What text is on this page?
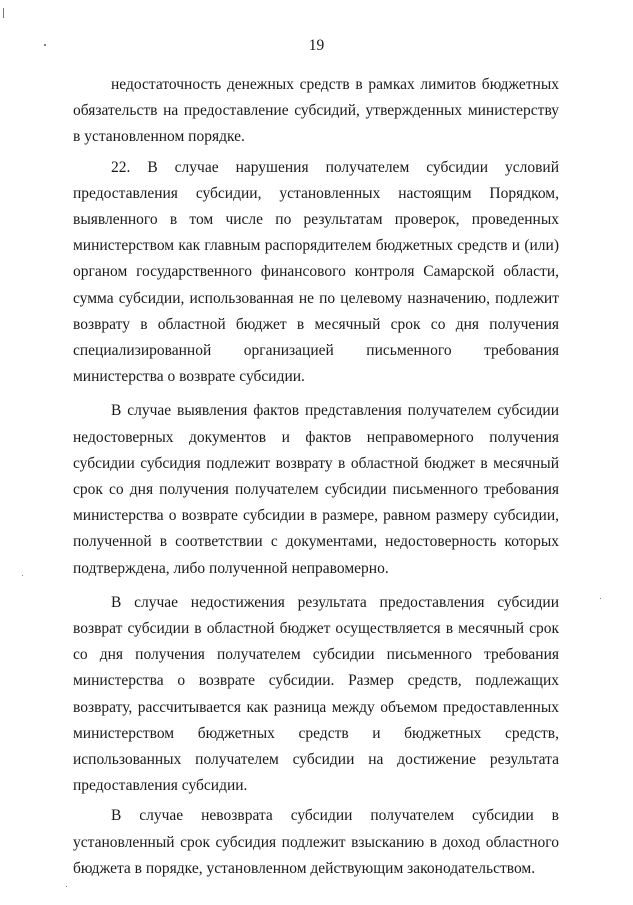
19

недостаточность денежных средств в рамках лимитов бюджетных обязательств на предоставление субсидий, утвержденных министерству в установленном порядке.

22. В случае нарушения получателем субсидии условий предоставления субсидии, установленных настоящим Порядком, выявленного в том числе по результатам проверок, проведенных министерством как главным распорядителем бюджетных средств и (или) органом государственного финансового контроля Самарской области, сумма субсидии, использованная не по целевому назначению, подлежит возврату в областной бюджет в месячный срок со дня получения специализированной организацией письменного требования министерства о возврате субсидии.

В случае выявления фактов представления получателем субсидии недостоверных документов и фактов неправомерного получения субсидии субсидия подлежит возврату в областной бюджет в месячный срок со дня получения получателем субсидии письменного требования министерства о возврате субсидии в размере, равном размеру субсидии, полученной в соответствии с документами, недостоверность которых подтверждена, либо полученной неправомерно.

В случае недостижения результата предоставления субсидии возврат субсидии в областной бюджет осуществляется в месячный срок со дня получения получателем субсидии письменного требования министерства о возврате субсидии. Размер средств, подлежащих возврату, рассчитывается как разница между объемом предоставленных министерством бюджетных средств и бюджетных средств, использованных получателем субсидии на достижение результата предоставления субсидии.

В случае невозврата субсидии получателем субсидии в установленный срок субсидия подлежит взысканию в доход областного бюджета в порядке, установленном действующим законодательством.
